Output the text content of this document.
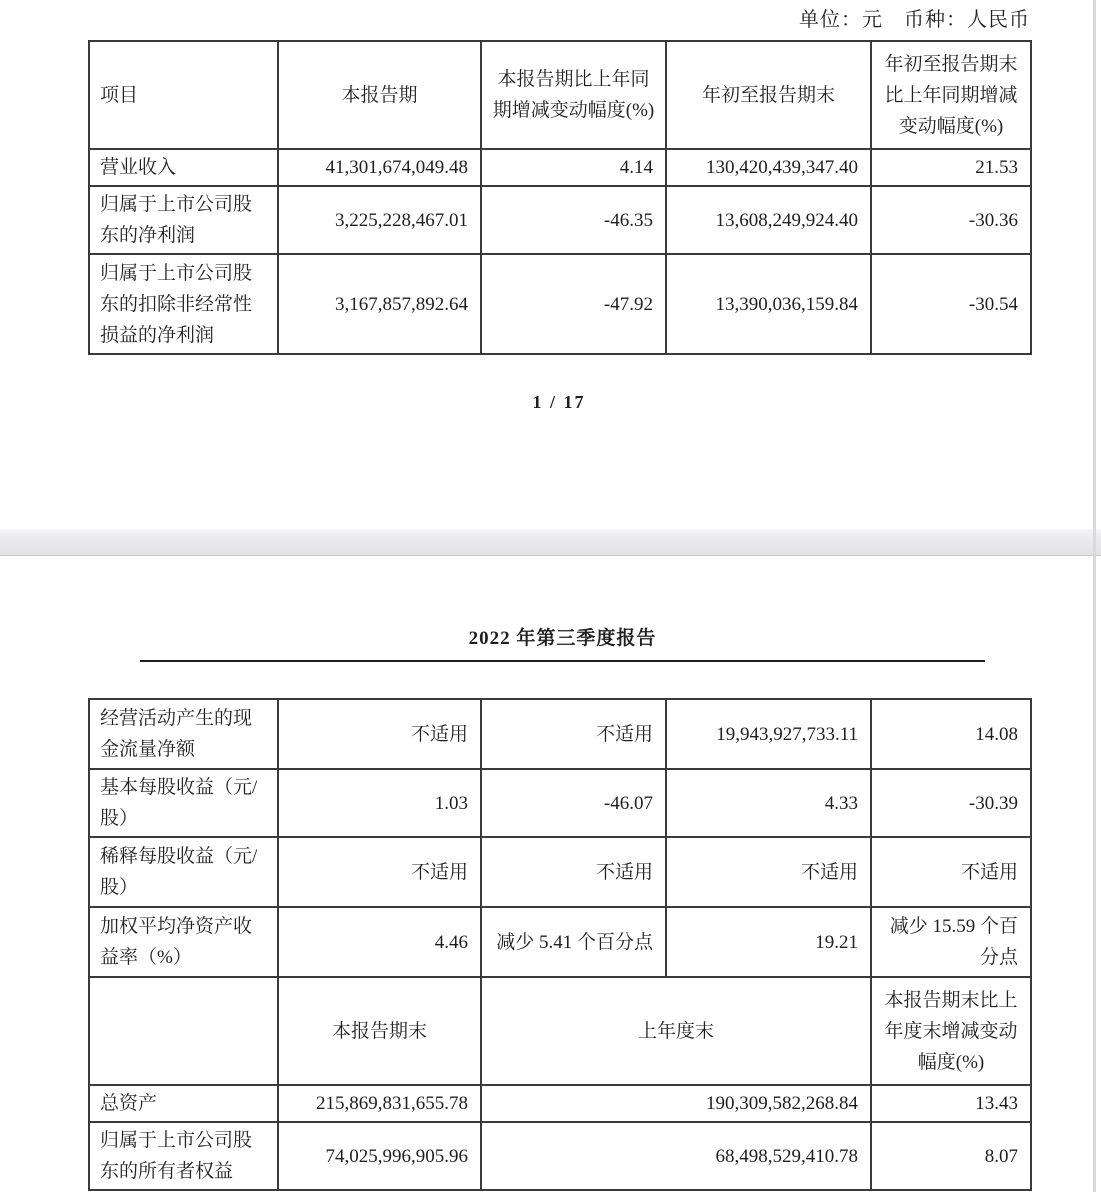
单位：元　币种：人民币
项目	本报告期	本报告期比上年同期增减变动幅度(%)	年初至报告期末	年初至报告期末比上年同期增减变动幅度(%)
营业收入	41,301,674,049.48	4.14	130,420,439,347.40	21.53
归属于上市公司股东的净利润	3,225,228,467.01	-46.35	13,608,249,924.40	-30.36
归属于上市公司股东的扣除非经常性损益的净利润	3,167,857,892.64	-47.92	13,390,036,159.84	-30.54
1 / 17
2022 年第三季度报告
经营活动产生的现金流量净额	不适用	不适用	19,943,927,733.11	14.08
基本每股收益（元/股）	1.03	-46.07	4.33	-30.39
稀释每股收益（元/股）	不适用	不适用	不适用	不适用
加权平均净资产收益率（%）	4.46	减少 5.41 个百分点	19.21	减少 15.59 个百分点
	本报告期末	上年度末		本报告期末比上年度末增减变动幅度(%)
总资产	215,869,831,655.78	190,309,582,268.84		13.43
归属于上市公司股东的所有者权益	74,025,996,905.96	68,498,529,410.78		8.07
